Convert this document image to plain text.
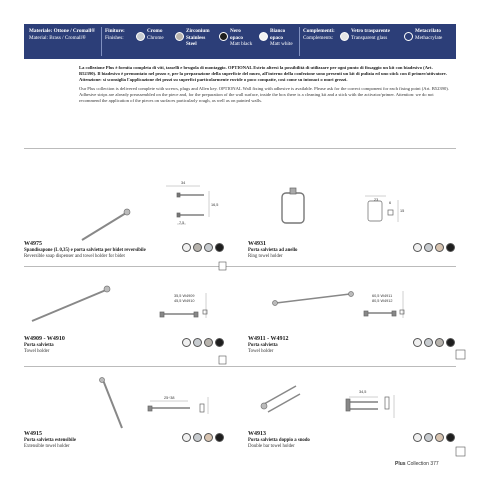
Materiale: Ottone / Cromall®
Material: Brass / Cromall®
Finiture:
Finishes:
Cromo
Chrome
Zirconium
Stainless
Steel
Nero
opaco
Matt black
Bianco
opaco
Matt white
Complementi:
Complements:
Vetro trasparente
Transparent glass
Metacrilato
Methacrylate

La collezione Plus è fornita completa di viti, tasselli e brugola di montaggio. OPTIONAL Estrio altresì la possibilità di utilizzare per ogni punto di fissaggio un kit con biadesivo (Art. B52390). Il biadesivo è premontato nel pezzo e, per la preparazione della superficie del muro, all'interno della confezione sono presenti un kit di pulizia ed uno stick con il primer/attivatore. Attenzione: si sconsiglia l'applicazione dei pezzi su superfici particolarmente ruvide o poco compatte, così come su intonaci o muri grezzi.

Our Plus collection is delivered complete with screws, plugs and Allen key. OPTIONAL Wall fixing with adhesive is available. Please ask for the correct component for each fixing point (Art. B52390). Adhesive strips are already preassembled on the piece and, for the preparation of the wall surface, inside the box there is a cleaning kit and a stick with the activator/primer. Attention: we do not recommend the application of the pieces on surfaces particularly rough, as well as on painted walls.

34
16,5
7,5
23
6
15
35,5 W4909
45,5 W4910
60,5 W4911
80,5 W4912
25÷38
34,5
W4975
Spandisapone (L 0,35) e porta salvietta per bidet reversibile
Reversible soap dispenser and towel holder for bidet
W4931
Porta salvietta ad anello
Ring towel holder
W4909 - W4910
Porta salvietta
Towel holder
W4911 - W4912
Porta salvietta
Towel holder
W4915
Porta salvietta estensibile
Extensible towel holder
W4913
Porta salvietta doppio a snodo
Double bar towel holder
Plus Collection 377
